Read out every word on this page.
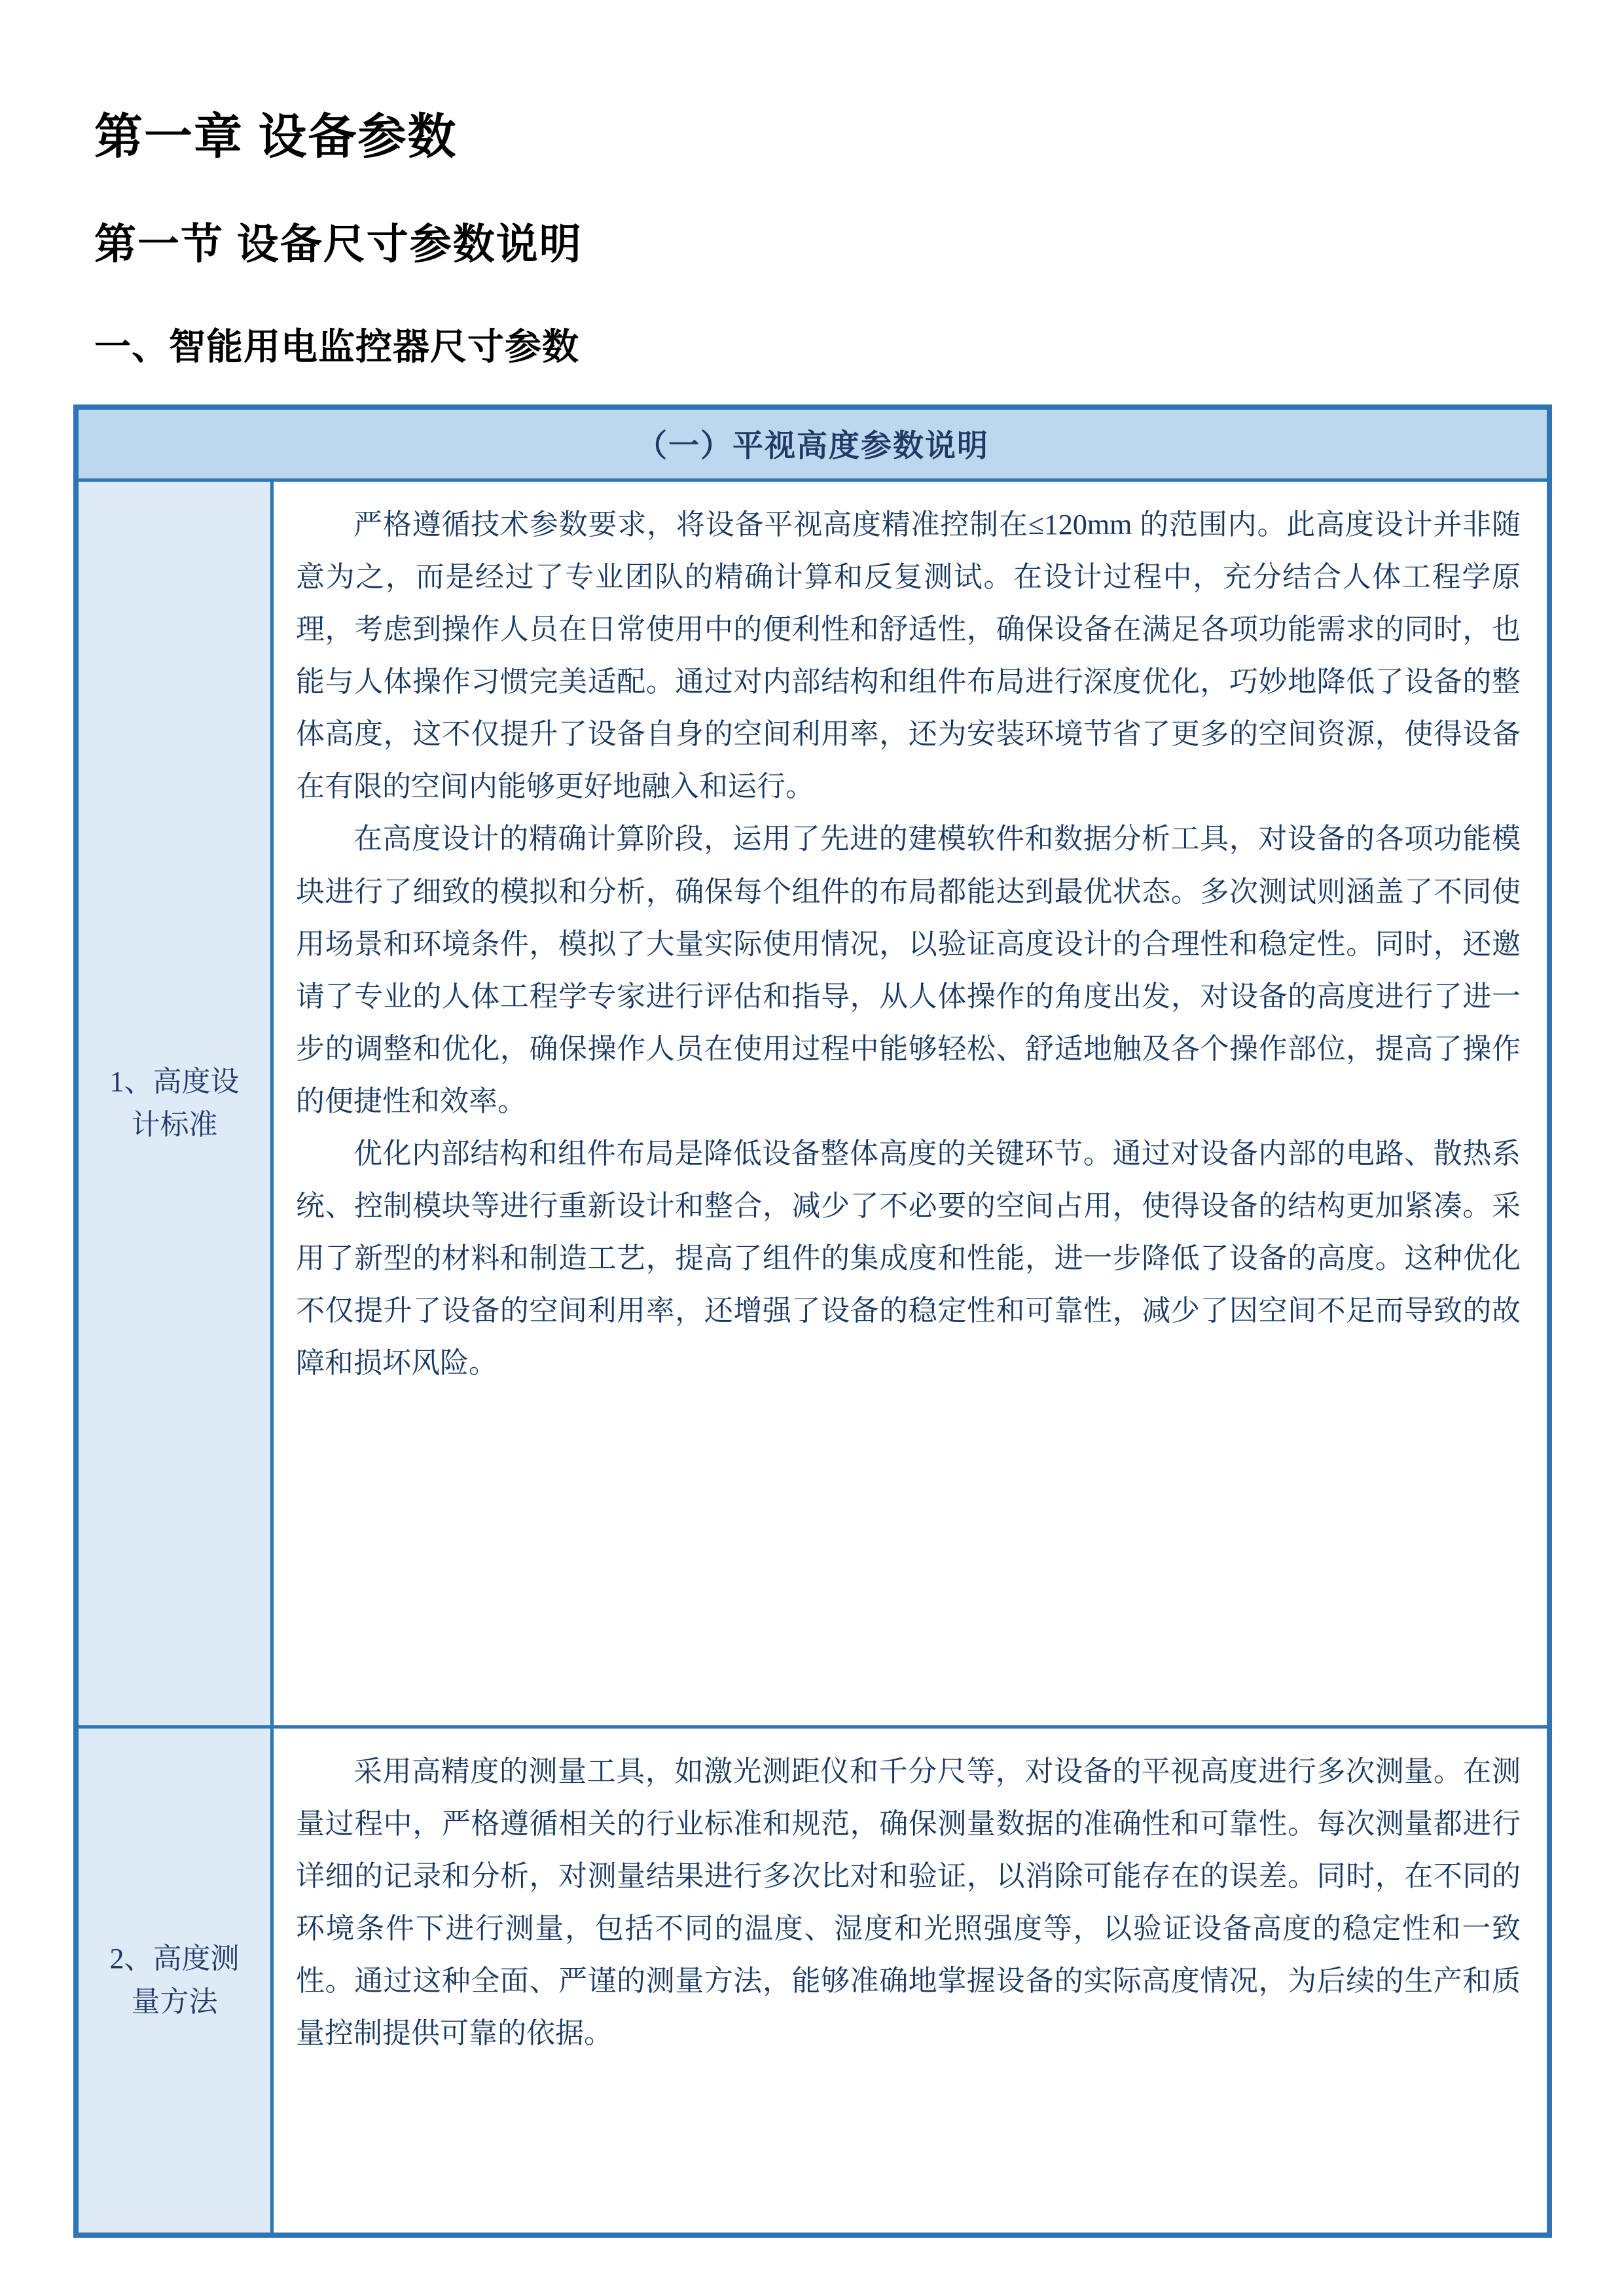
第一章 设备参数
第一节 设备尺寸参数说明
一、智能用电监控器尺寸参数
（一）平视高度参数说明
1、高度设计标准

严格遵循技术参数要求，将设备平视高度精准控制在≤120mm 的范围内。此高度设计并非随意为之，而是经过了专业团队的精确计算和反复测试。在设计过程中，充分结合人体工程学原理，考虑到操作人员在日常使用中的便利性和舒适性，确保设备在满足各项功能需求的同时，也能与人体操作习惯完美适配。通过对内部结构和组件布局进行深度优化，巧妙地降低了设备的整体高度，这不仅提升了设备自身的空间利用率，还为安装环境节省了更多的空间资源，使得设备在有限的空间内能够更好地融入和运行。

在高度设计的精确计算阶段，运用了先进的建模软件和数据分析工具，对设备的各项功能模块进行了细致的模拟和分析，确保每个组件的布局都能达到最优状态。多次测试则涵盖了不同使用场景和环境条件，模拟了大量实际使用情况，以验证高度设计的合理性和稳定性。同时，还邀请了专业的人体工程学专家进行评估和指导，从人体操作的角度出发，对设备的高度进行了进一步的调整和优化，确保操作人员在使用过程中能够轻松、舒适地触及各个操作部位，提高了操作的便捷性和效率。

优化内部结构和组件布局是降低设备整体高度的关键环节。通过对设备内部的电路、散热系统、控制模块等进行重新设计和整合，减少了不必要的空间占用，使得设备的结构更加紧凑。采用了新型的材料和制造工艺，提高了组件的集成度和性能，进一步降低了设备的高度。这种优化不仅提升了设备的空间利用率，还增强了设备的稳定性和可靠性，减少了因空间不足而导致的故障和损坏风险。

2、高度测量方法

采用高精度的测量工具，如激光测距仪和千分尺等，对设备的平视高度进行多次测量。在测量过程中，严格遵循相关的行业标准和规范，确保测量数据的准确性和可靠性。每次测量都进行详细的记录和分析，对测量结果进行多次比对和验证，以消除可能存在的误差。同时，在不同的环境条件下进行测量，包括不同的温度、湿度和光照强度等，以验证设备高度的稳定性和一致性。通过这种全面、严谨的测量方法，能够准确地掌握设备的实际高度情况，为后续的生产和质量控制提供可靠的依据。
